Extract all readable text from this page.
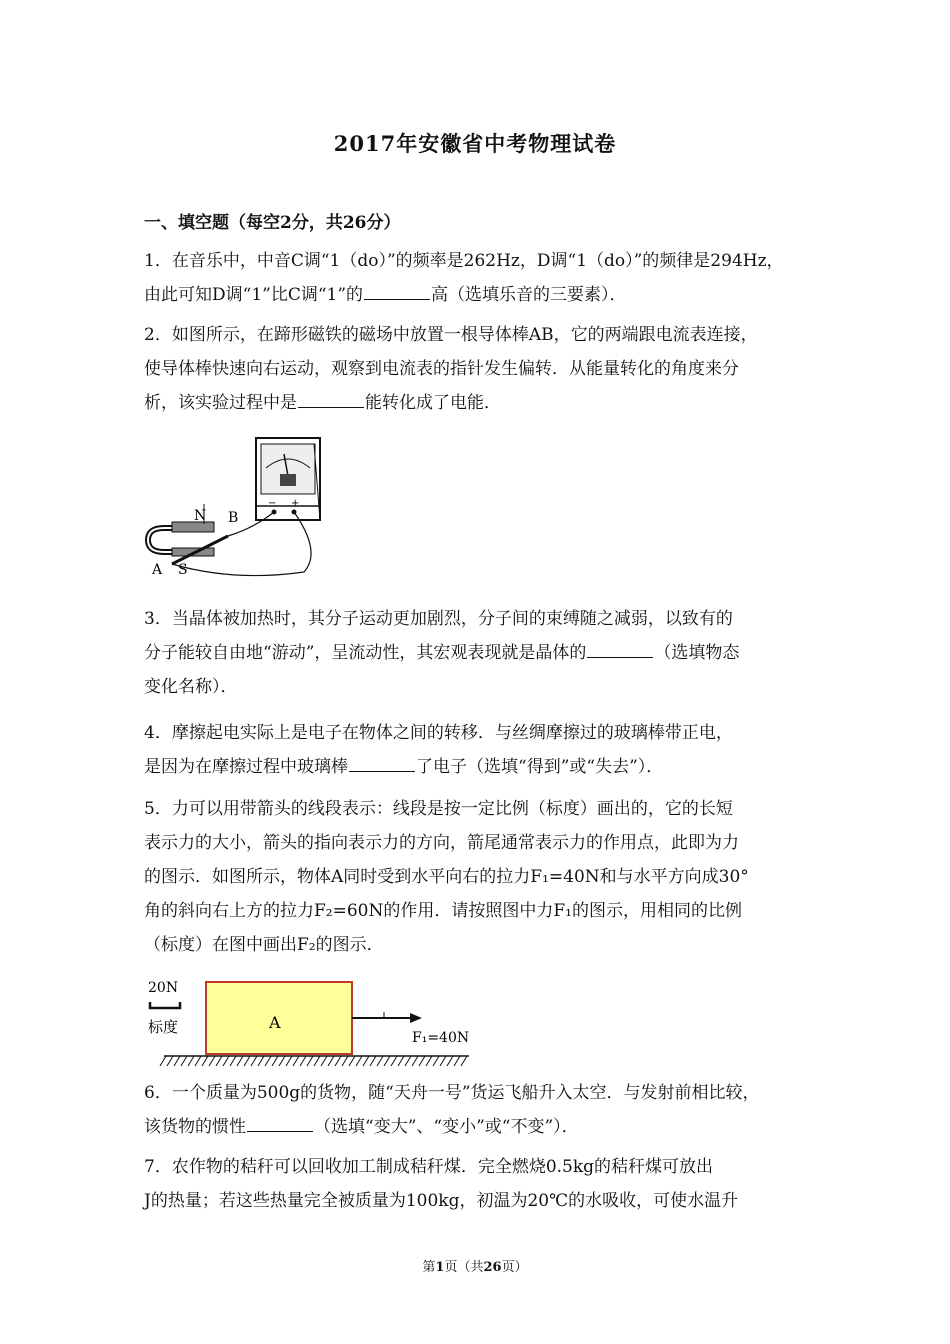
2017年安徽省中考物理试卷
一、填空题（每空2分，共26分）

1．在音乐中，中音C调“1（do）”的频率是262Hz，D调“1（do）”的频律是294Hz，

由此可知D调“1”比C调“1”的	高（选填乐音的三要素）．

2．如图所示，在蹄形磁铁的磁场中放置一根导体棒AB，它的两端跟电流表连接，

使导体棒快速向右运动，观察到电流表的指针发生偏转．从能量转化的角度来分

析，该实验过程中是	能转化成了电能．

− +
N B
A S

3．当晶体被加热时，其分子运动更加剧烈，分子间的束缚随之减弱，以致有的

分子能较自由地“游动”，呈流动性，其宏观表现就是晶体的	（选填物态

变化名称）．

4．摩擦起电实际上是电子在物体之间的转移．与丝绸摩擦过的玻璃棒带正电，

是因为在摩擦过程中玻璃棒	了电子（选填“得到”或“失去”）．

5．力可以用带箭头的线段表示：线段是按一定比例（标度）画出的，它的长短

表示力的大小，箭头的指向表示力的方向，箭尾通常表示力的作用点，此即为力

的图示．如图所示，物体A同时受到水平向右的拉力F₁=40N和与水平方向成30°

角的斜向右上方的拉力F₂=60N的作用．请按照图中力F₁的图示，用相同的比例

（标度）在图中画出F₂的图示．

20N
标度	A
F₁=40N

6．一个质量为500g的货物，随“天舟一号”货运飞船升入太空．与发射前相比较，

该货物的惯性	（选填“变大”、“变小”或“不变”）．

7．农作物的秸秆可以回收加工制成秸秆煤．完全燃烧0.5kg的秸秆煤可放出

J的热量；若这些热量完全被质量为100kg，初温为20℃的水吸收，可使水温升

第1页（共26页）
